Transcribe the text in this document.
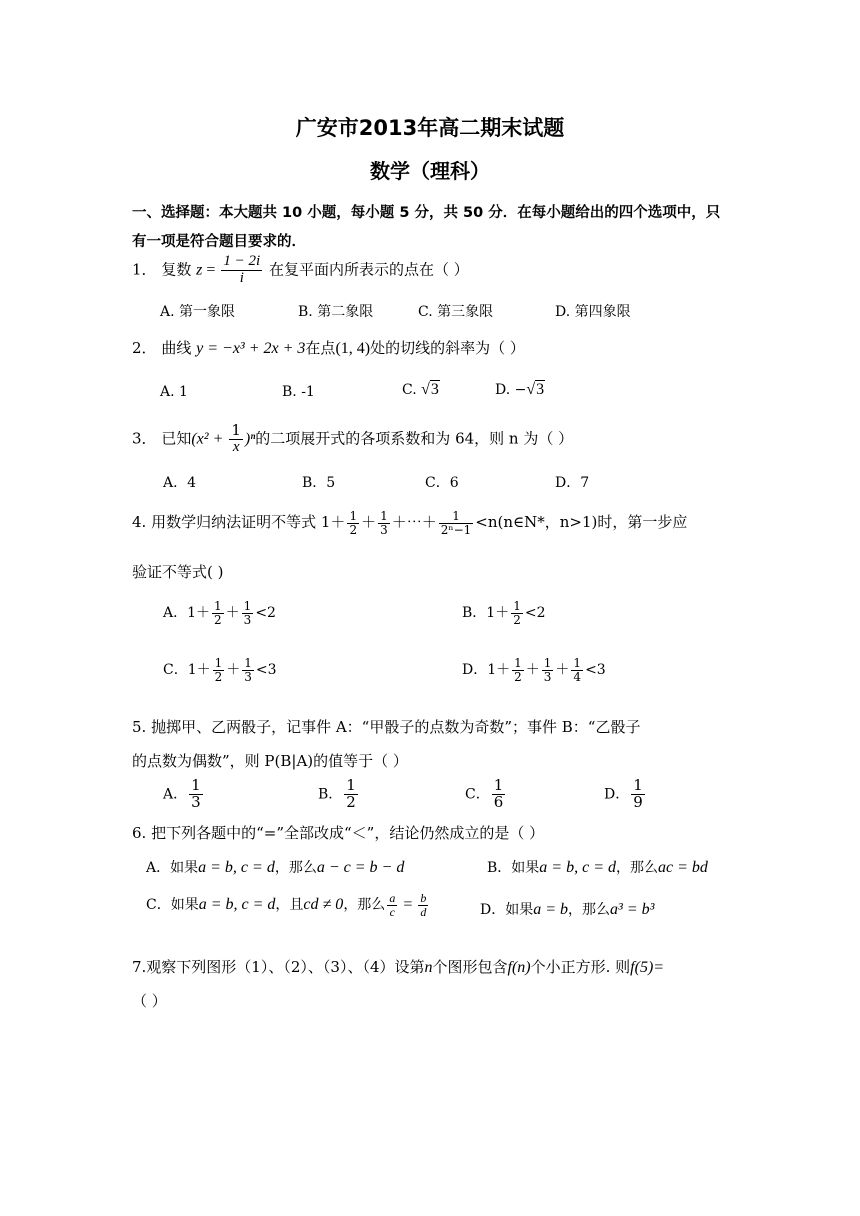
广安市2013年高二期末试题
数学（理科）
一、选择题：本大题共 10 小题，每小题 5 分，共 50 分．在每小题给出的四个选项中，只
有一项是符合题目要求的．
1． 复数 $z = \frac{1 - 2i}{i}$ 在复平面内所表示的点在（ ）
A. 第一象限	B. 第二象限	C. 第三象限	D. 第四象限
2． 曲线 y = −x³ + 2x + 3在点(1, 4)处的切线的斜率为（ ）
A. 1	B. -1	C. √3	D. −√3
3． 已知$(x^2 + \frac{1}{x} )^n$的二项展开式的各项系数和为 64，则 n 为（ ）
A．4	B．5	C．6	D．7
4. 用数学归纳法证明不等式 $1+ \frac{1}{2} + \frac{1}{3}$ ＋⋯＋ $\frac{1}{\text{2ⁿ−1}}$ <n(n∈N*，n>1)时，第一步应
验证不等式( )
A．$1+ \frac{1}{2} + \frac{1}{3} <2$	B．$1+ \frac{1}{2} <2$
C．$1+ \frac{1}{2} + \frac{1}{3} <3$	D．$1+ \frac{1}{2} + \frac{1}{3} + \frac{1}{4} <3$
5. 抛掷甲、乙两骰子，记事件 A：“甲骰子的点数为奇数”；事件 B：“乙骰子
的点数为偶数”，则 P(B|A)的值等于（ ）
A． $\frac{1}{3}$	B． $\frac{1}{2}$	C． $\frac{1}{6}$	D． $\frac{1}{9}$
6. 把下列各题中的“=”全部改成“＜”，结论仍然成立的是（ ）
A．如果a = b, c = d，那么a − c = b − d	B．如果a = b, c = d，那么ac = bd
C．如果a = b, c = d，且cd ≠ 0，那么 $\frac{a}{c} = \frac{b}{d}$	D．如果a = b，那么a³ = b³
7.观察下列图形（1）、（2）、（3）、（4）设第n个图形包含f(n)个小正方形. 则f(5)=
（ ）
